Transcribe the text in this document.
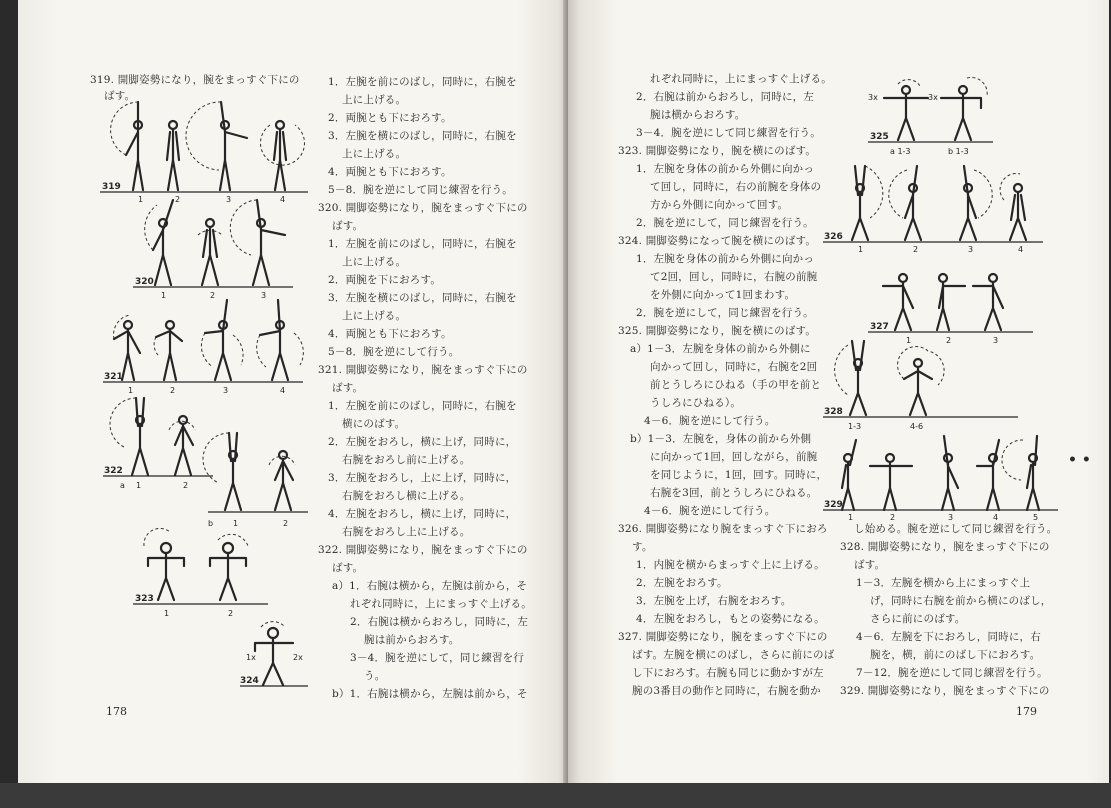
319. 開脚姿勢になり，腕をまっすぐ下にの
ばす。
1．左腕を前にのばし，同時に，右腕を
上に上げる。
2．両腕とも下におろす。
3．左腕を横にのばし，同時に，右腕を
上に上げる。
4．両腕とも下におろす。
5－8．腕を逆にして同じ練習を行う。
320. 開脚姿勢になり，腕をまっすぐ下にの
ばす。
1．左腕を前にのばし，同時に，右腕を
上に上げる。
2．両腕を下におろす。
3．左腕を横にのばし，同時に，右腕を
上に上げる。
4．両腕とも下におろす。
5－8．腕を逆にして行う。
321. 開脚姿勢になり，腕をまっすぐ下にの
ばす。
1．左腕を前にのばし，同時に，右腕を
横にのばす。
2．左腕をおろし，横に上げ，同時に，
右腕をおろし前に上げる。
3．左腕をおろし，上に上げ，同時に，
右腕をおろし横に上げる。
4．左腕をおろし，横に上げ，同時に，
右腕をおろし上に上げる。
322. 開脚姿勢になり，腕をまっすぐ下にの
ばす。
a）1．右腕は横から，左腕は前から，そ
れぞれ同時に，上にまっすぐ上げる。
2．右腕は横からおろし，同時に，左
腕は前からおろす。
3－4．腕を逆にして，同じ練習を行
う。
b）1．右腕は横から，左腕は前から，そ
319
1	2	3	4
320
1	2	3
321
1	2	3	4
322
a 1	2
b 1	2
323
1	2
324
1x	2x
178
れぞれ同時に，上にまっすぐ上げる。
2．右腕は前からおろし，同時に，左
腕は横からおろす。
3－4．腕を逆にして同じ練習を行う。
323. 開脚姿勢になり，腕を横にのばす。
1．左腕を身体の前から外側に向かっ
て回し，同時に，右の前腕を身体の
方から外側に向かって回す。
2．腕を逆にして，同じ練習を行う。
324. 開脚姿勢になって腕を横にのばす。
1．左腕を身体の前から外側に向かっ
て2回，回し，同時に，右腕の前腕
を外側に向かって1回まわす。
2．腕を逆にして，同じ練習を行う。
325. 開脚姿勢になり，腕を横にのばす。
a）1－3．左腕を身体の前から外側に
向かって回し，同時に，右腕を2回
前とうしろにひねる（手の甲を前と
うしろにひねる）。
4－6．腕を逆にして行う。
b）1－3．左腕を，身体の前から外側
に向かって1回，回しながら，前腕
を同じように，1回，回す。同時に，
右腕を3回，前とうしろにひねる。
4－6．腕を逆にして行う。
326. 開脚姿勢になり腕をまっすぐ下におろ
す。
1．内腕を横からまっすぐ上に上げる。
2．左腕をおろす。
3．左腕を上げ，右腕をおろす。
4．左腕をおろし，もとの姿勢になる。
327. 開脚姿勢になり，腕をまっすぐ下にの
ばす。左腕を横にのばし，さらに前にのば
し下におろす。右腕も同じに動かすが左
腕の3番目の動作と同時に，右腕を動か
し始める。腕を逆にして同じ練習を行う。
328. 開脚姿勢になり，腕をまっすぐ下にの
ばす。
1－3．左腕を横から上にまっすぐ上
げ，同時に右腕を前から横にのばし，
さらに前にのばす。
4－6．左腕を下におろし，同時に，右
腕を，横，前にのばし下におろす。
7－12．腕を逆にして同じ練習を行う。
329. 開脚姿勢になり，腕をまっすぐ下にの
325
3x	3x
a 1-3	b 1-3
326
1	2	3	4
327
1	2	3
328
1-3	4-6
329
1	2	3	4	5
179
• •
